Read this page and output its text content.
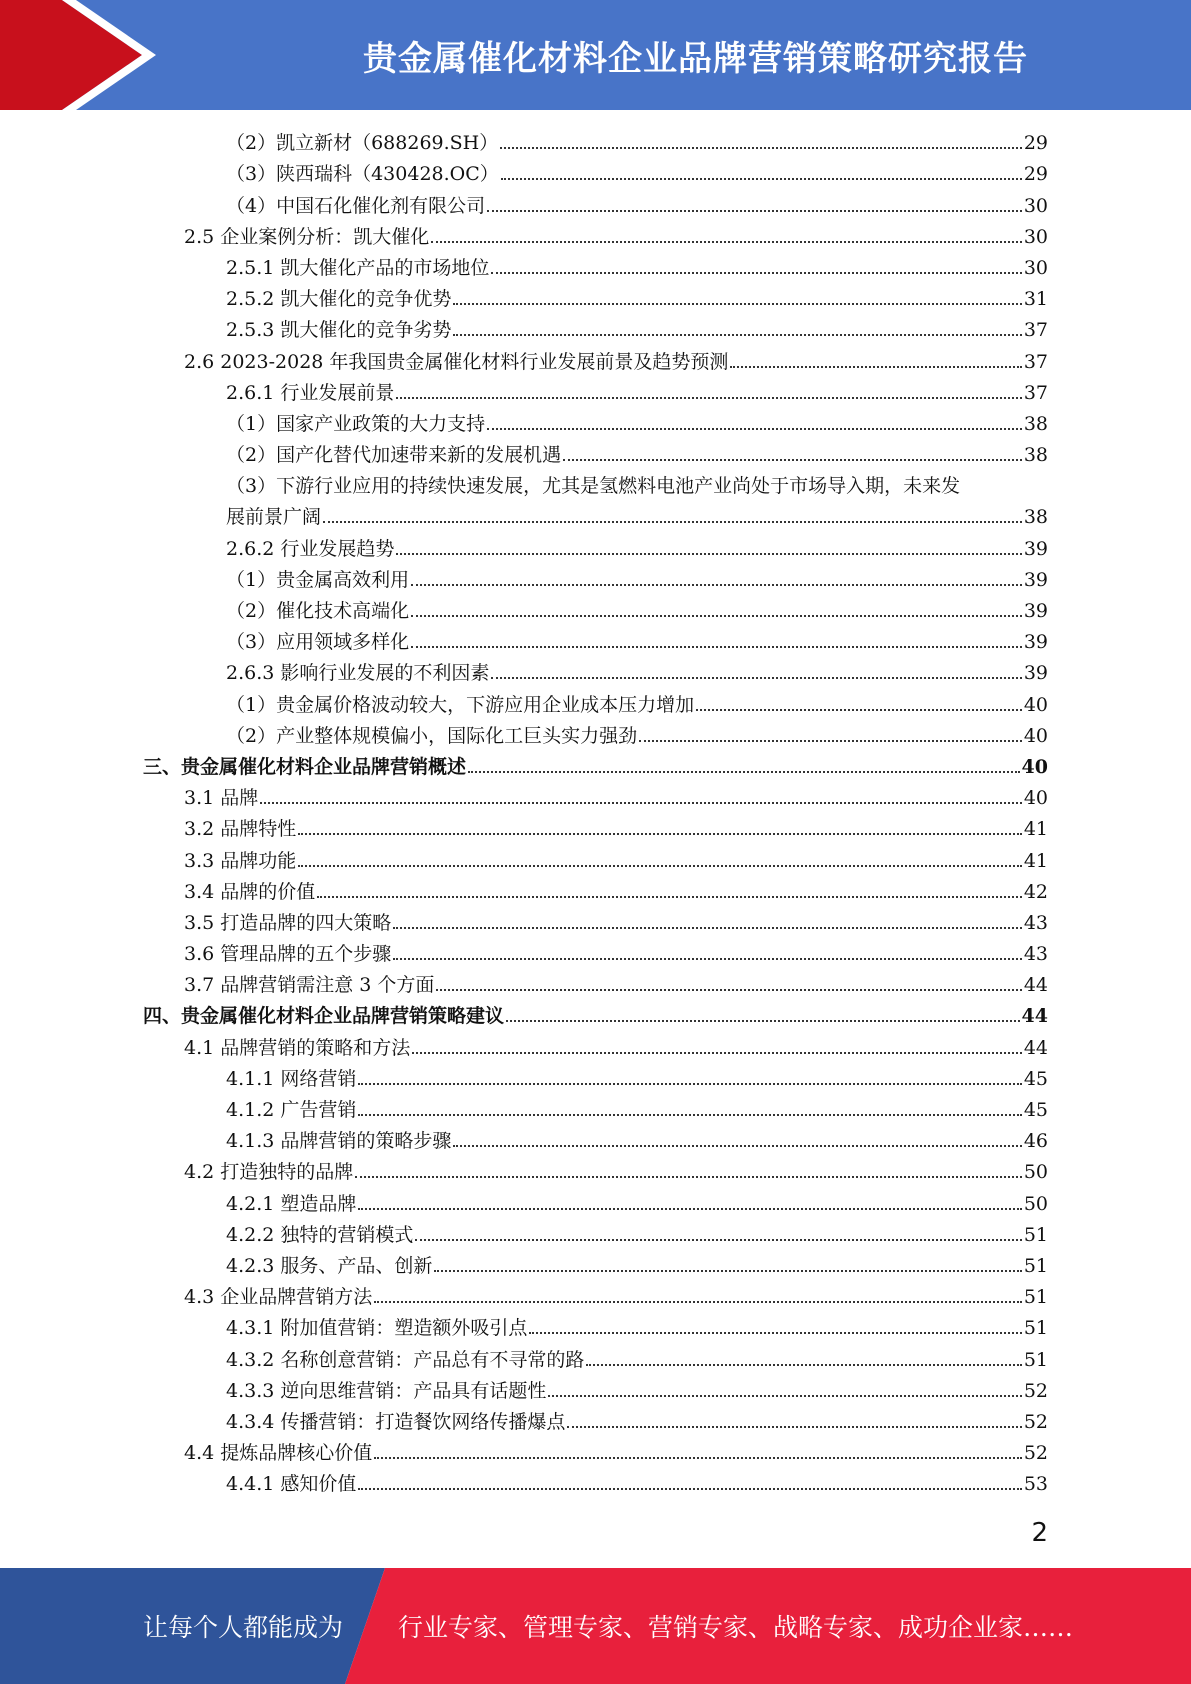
贵金属催化材料企业品牌营销策略研究报告
（2）凯立新材（688269.SH）	29
（3）陕西瑞科（430428.OC）	29
（4）中国石化催化剂有限公司	30
2.5 企业案例分析：凯大催化	30
2.5.1 凯大催化产品的市场地位	30
2.5.2 凯大催化的竞争优势	31
2.5.3 凯大催化的竞争劣势	37
2.6 2023-2028 年我国贵金属催化材料行业发展前景及趋势预测	37
2.6.1 行业发展前景	37
（1）国家产业政策的大力支持	38
（2）国产化替代加速带来新的发展机遇	38
（3）下游行业应用的持续快速发展，尤其是氢燃料电池产业尚处于市场导入期，未来发
展前景广阔	38
2.6.2 行业发展趋势	39
（1）贵金属高效利用	39
（2）催化技术高端化	39
（3）应用领域多样化	39
2.6.3 影响行业发展的不利因素	39
（1）贵金属价格波动较大，下游应用企业成本压力增加	40
（2）产业整体规模偏小，国际化工巨头实力强劲	40
三、贵金属催化材料企业品牌营销概述	40
3.1 品牌	40
3.2 品牌特性	41
3.3 品牌功能	41
3.4 品牌的价值	42
3.5 打造品牌的四大策略	43
3.6 管理品牌的五个步骤	43
3.7 品牌营销需注意 3 个方面	44
四、贵金属催化材料企业品牌营销策略建议	44
4.1 品牌营销的策略和方法	44
4.1.1 网络营销	45
4.1.2 广告营销	45
4.1.3 品牌营销的策略步骤	46
4.2 打造独特的品牌	50
4.2.1 塑造品牌	50
4.2.2 独特的营销模式	51
4.2.3 服务、产品、创新	51
4.3 企业品牌营销方法	51
4.3.1 附加值营销：塑造额外吸引点	51
4.3.2 名称创意营销：产品总有不寻常的路	51
4.3.3 逆向思维营销：产品具有话题性	52
4.3.4 传播营销：打造餐饮网络传播爆点	52
4.4 提炼品牌核心价值	52
4.4.1 感知价值	53
2
让每个人都能成为 行业专家、管理专家、营销专家、战略专家、成功企业家……
